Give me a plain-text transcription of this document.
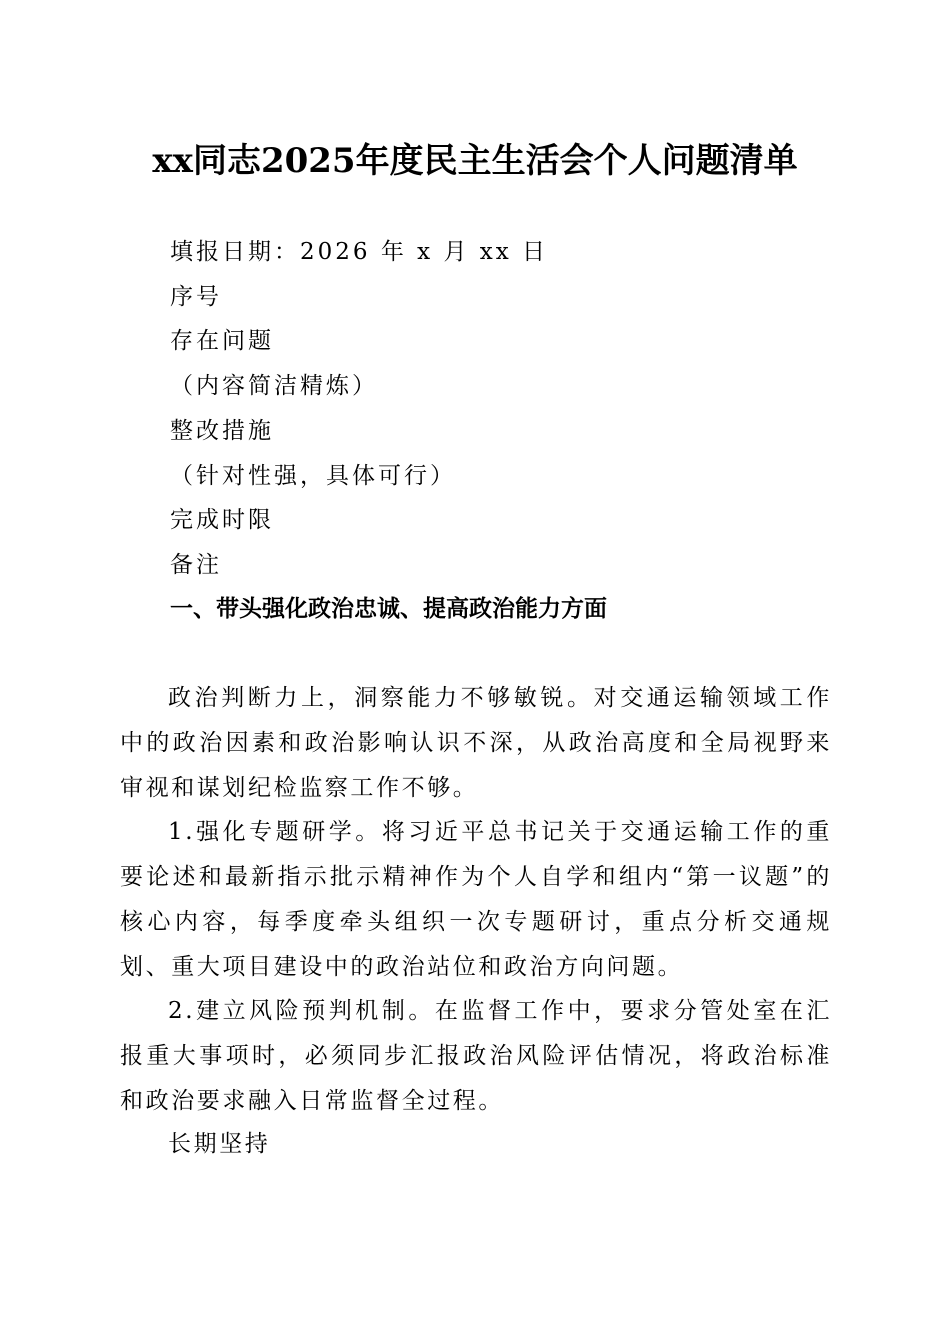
xx同志2025年度民主生活会个人问题清单
填报日期：2026 年 x 月 xx 日
序号
存在问题
（内容简洁精炼）
整改措施
（针对性强，具体可行）
完成时限
备注
一、带头强化政治忠诚、提高政治能力方面

政治判断力上，洞察能力不够敏锐。对交通运输领域工作中的政治因素和政治影响认识不深，从政治高度和全局视野来审视和谋划纪检监察工作不够。

1.强化专题研学。将习近平总书记关于交通运输工作的重要论述和最新指示批示精神作为个人自学和组内“第一议题”的核心内容，每季度牵头组织一次专题研讨，重点分析交通规划、重大项目建设中的政治站位和政治方向问题。

2.建立风险预判机制。在监督工作中，要求分管处室在汇报重大事项时，必须同步汇报政治风险评估情况，将政治标准和政治要求融入日常监督全过程。

长期坚持
